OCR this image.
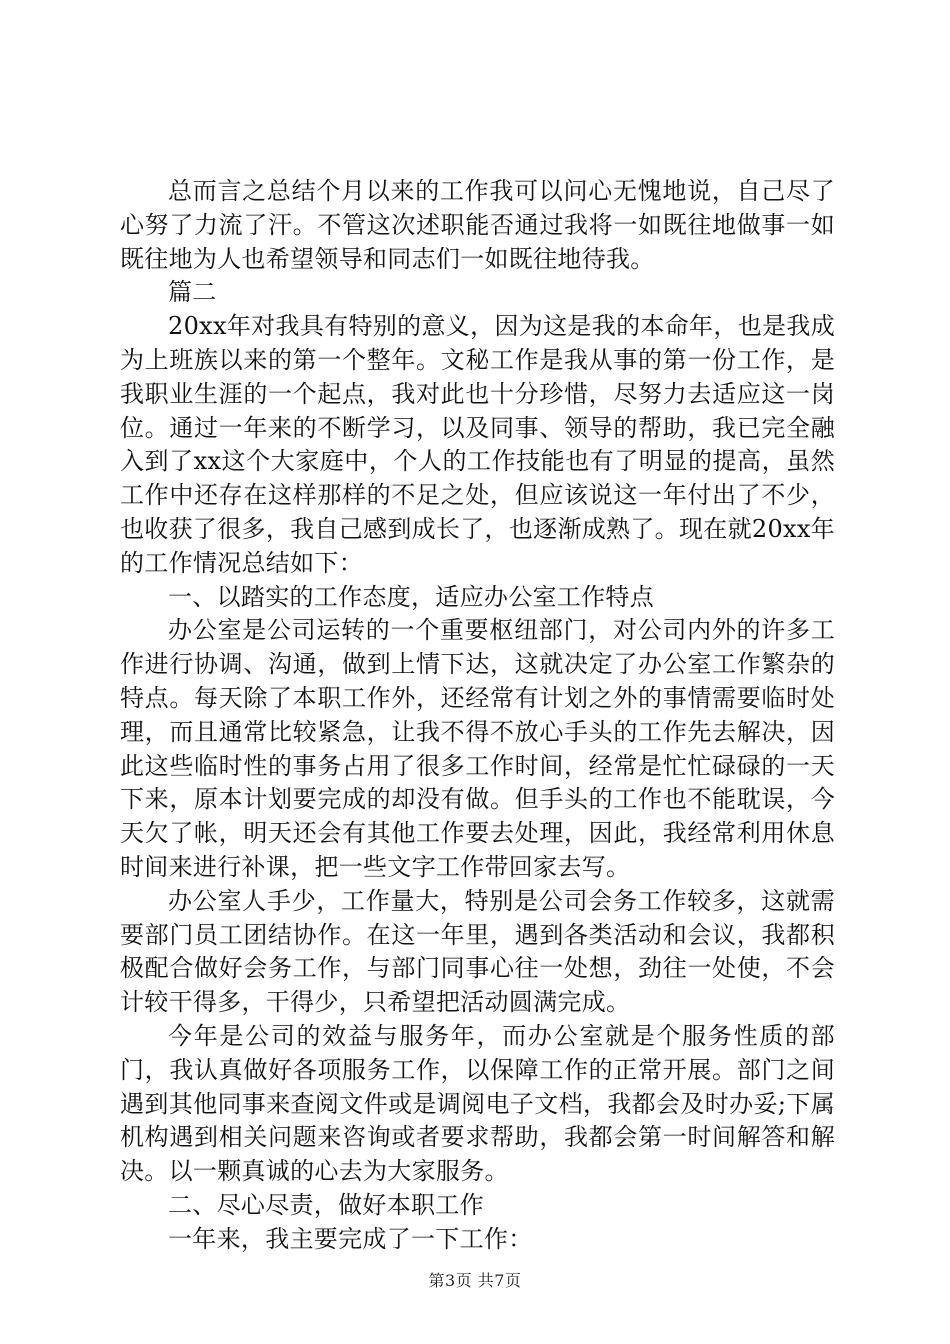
总而言之总结个月以来的工作我可以问心无愧地说，自己尽了心努了力流了汗。不管这次述职能否通过我将一如既往地做事一如既往地为人也希望领导和同志们一如既往地待我。

篇二

20xx年对我具有特别的意义，因为这是我的本命年，也是我成为上班族以来的第一个整年。文秘工作是我从事的第一份工作，是我职业生涯的一个起点，我对此也十分珍惜，尽努力去适应这一岗位。通过一年来的不断学习，以及同事、领导的帮助，我已完全融入到了xx这个大家庭中，个人的工作技能也有了明显的提高，虽然工作中还存在这样那样的不足之处，但应该说这一年付出了不少，也收获了很多，我自己感到成长了，也逐渐成熟了。现在就20xx年的工作情况总结如下：

一、以踏实的工作态度，适应办公室工作特点

办公室是公司运转的一个重要枢纽部门，对公司内外的许多工作进行协调、沟通，做到上情下达，这就决定了办公室工作繁杂的特点。每天除了本职工作外，还经常有计划之外的事情需要临时处理，而且通常比较紧急，让我不得不放心手头的工作先去解决，因此这些临时性的事务占用了很多工作时间，经常是忙忙碌碌的一天下来，原本计划要完成的却没有做。但手头的工作也不能耽误，今天欠了帐，明天还会有其他工作要去处理，因此，我经常利用休息时间来进行补课，把一些文字工作带回家去写。

办公室人手少，工作量大，特别是公司会务工作较多，这就需要部门员工团结协作。在这一年里，遇到各类活动和会议，我都积极配合做好会务工作，与部门同事心往一处想，劲往一处使，不会计较干得多，干得少，只希望把活动圆满完成。

今年是公司的效益与服务年，而办公室就是个服务性质的部门，我认真做好各项服务工作，以保障工作的正常开展。部门之间遇到其他同事来查阅文件或是调阅电子文档，我都会及时办妥;下属机构遇到相关问题来咨询或者要求帮助，我都会第一时间解答和解决。以一颗真诚的心去为大家服务。

二、尽心尽责，做好本职工作

一年来，我主要完成了一下工作：

第3页 共7页
